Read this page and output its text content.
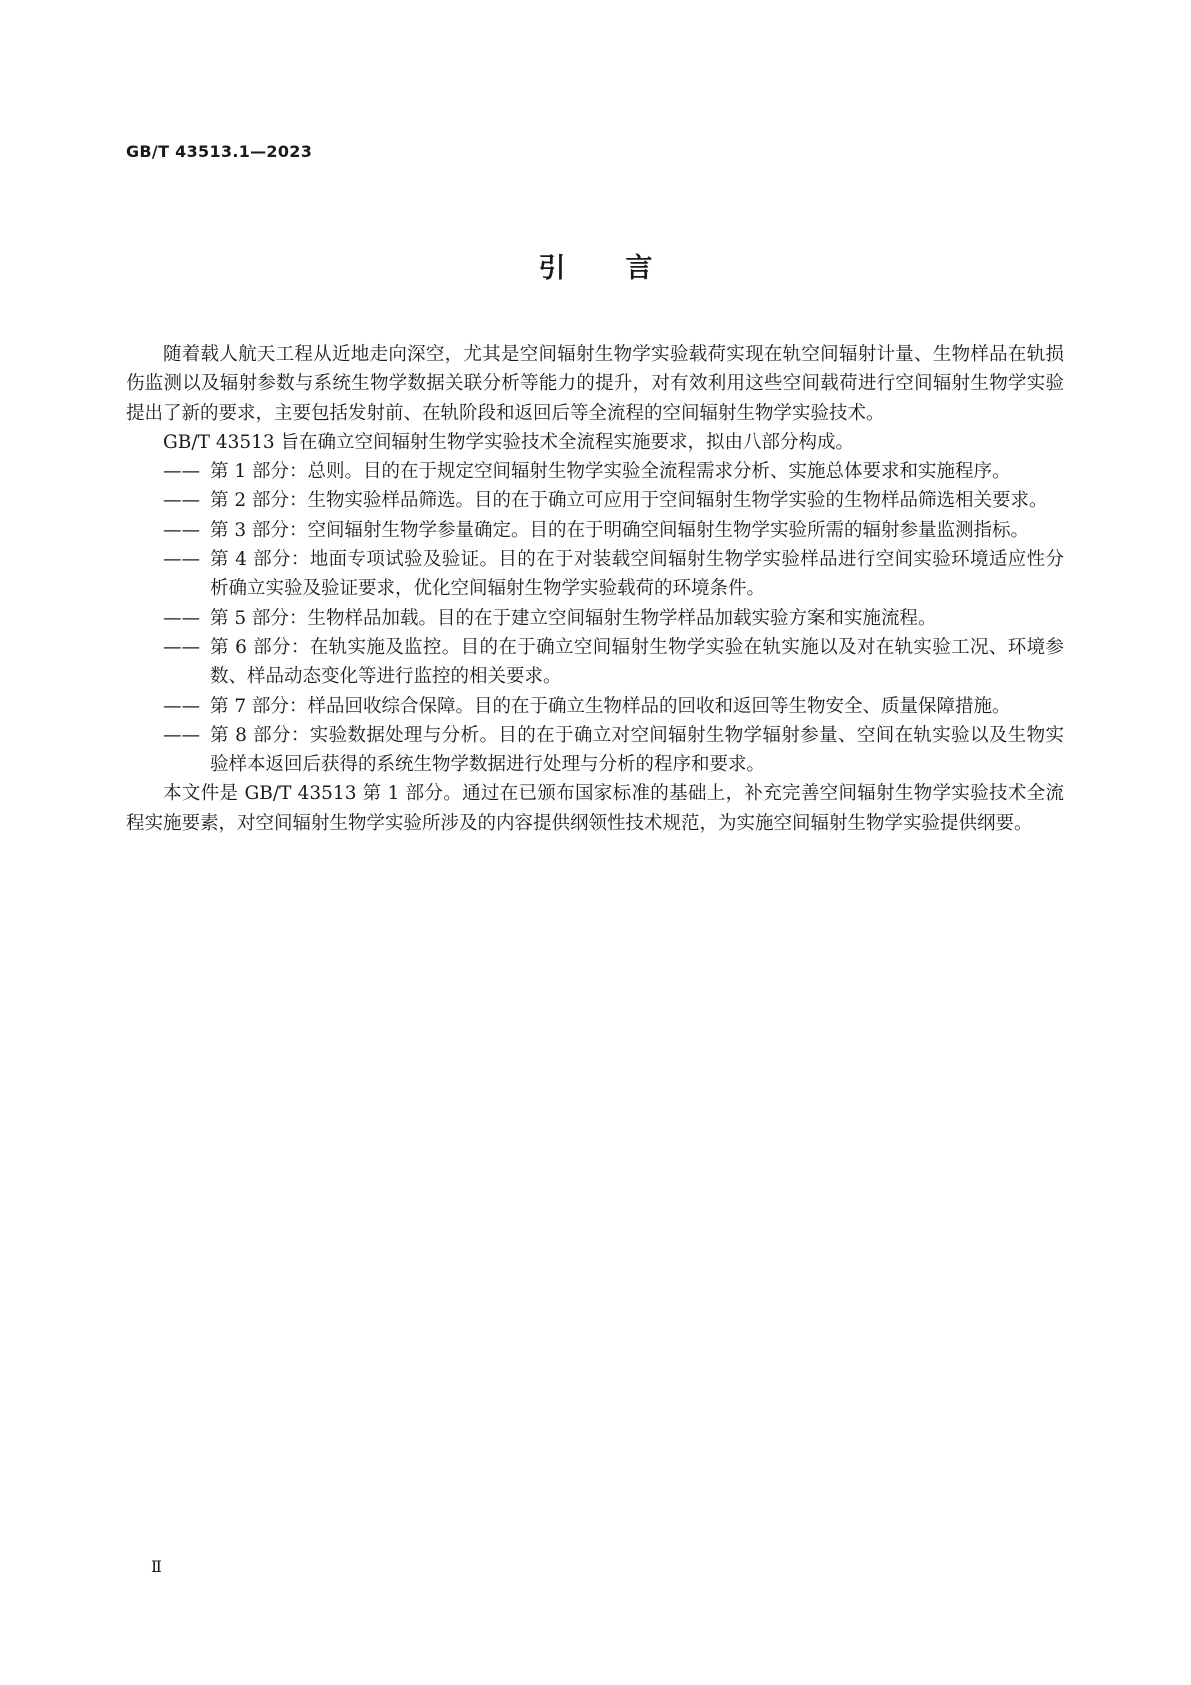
GB/T 43513.1—2023
引言

随着载人航天工程从近地走向深空，尤其是空间辐射生物学实验载荷实现在轨空间辐射计量、生物样品在轨损伤监测以及辐射参数与系统生物学数据关联分析等能力的提升，对有效利用这些空间载荷进行空间辐射生物学实验提出了新的要求，主要包括发射前、在轨阶段和返回后等全流程的空间辐射生物学实验技术。

GB/T 43513 旨在确立空间辐射生物学实验技术全流程实施要求，拟由八部分构成。

—— 第 1 部分：总则。目的在于规定空间辐射生物学实验全流程需求分析、实施总体要求和实施程序。
—— 第 2 部分：生物实验样品筛选。目的在于确立可应用于空间辐射生物学实验的生物样品筛选相关要求。
—— 第 3 部分：空间辐射生物学参量确定。目的在于明确空间辐射生物学实验所需的辐射参量监测指标。
—— 第 4 部分：地面专项试验及验证。目的在于对装载空间辐射生物学实验样品进行空间实验环境适应性分析确立实验及验证要求，优化空间辐射生物学实验载荷的环境条件。
—— 第 5 部分：生物样品加载。目的在于建立空间辐射生物学样品加载实验方案和实施流程。
—— 第 6 部分：在轨实施及监控。目的在于确立空间辐射生物学实验在轨实施以及对在轨实验工况、环境参数、样品动态变化等进行监控的相关要求。
—— 第 7 部分：样品回收综合保障。目的在于确立生物样品的回收和返回等生物安全、质量保障措施。
—— 第 8 部分：实验数据处理与分析。目的在于确立对空间辐射生物学辐射参量、空间在轨实验以及生物实验样本返回后获得的系统生物学数据进行处理与分析的程序和要求。

本文件是 GB/T 43513 第 1 部分。通过在已颁布国家标准的基础上，补充完善空间辐射生物学实验技术全流程实施要素，对空间辐射生物学实验所涉及的内容提供纲领性技术规范，为实施空间辐射生物学实验提供纲要。

Ⅱ
